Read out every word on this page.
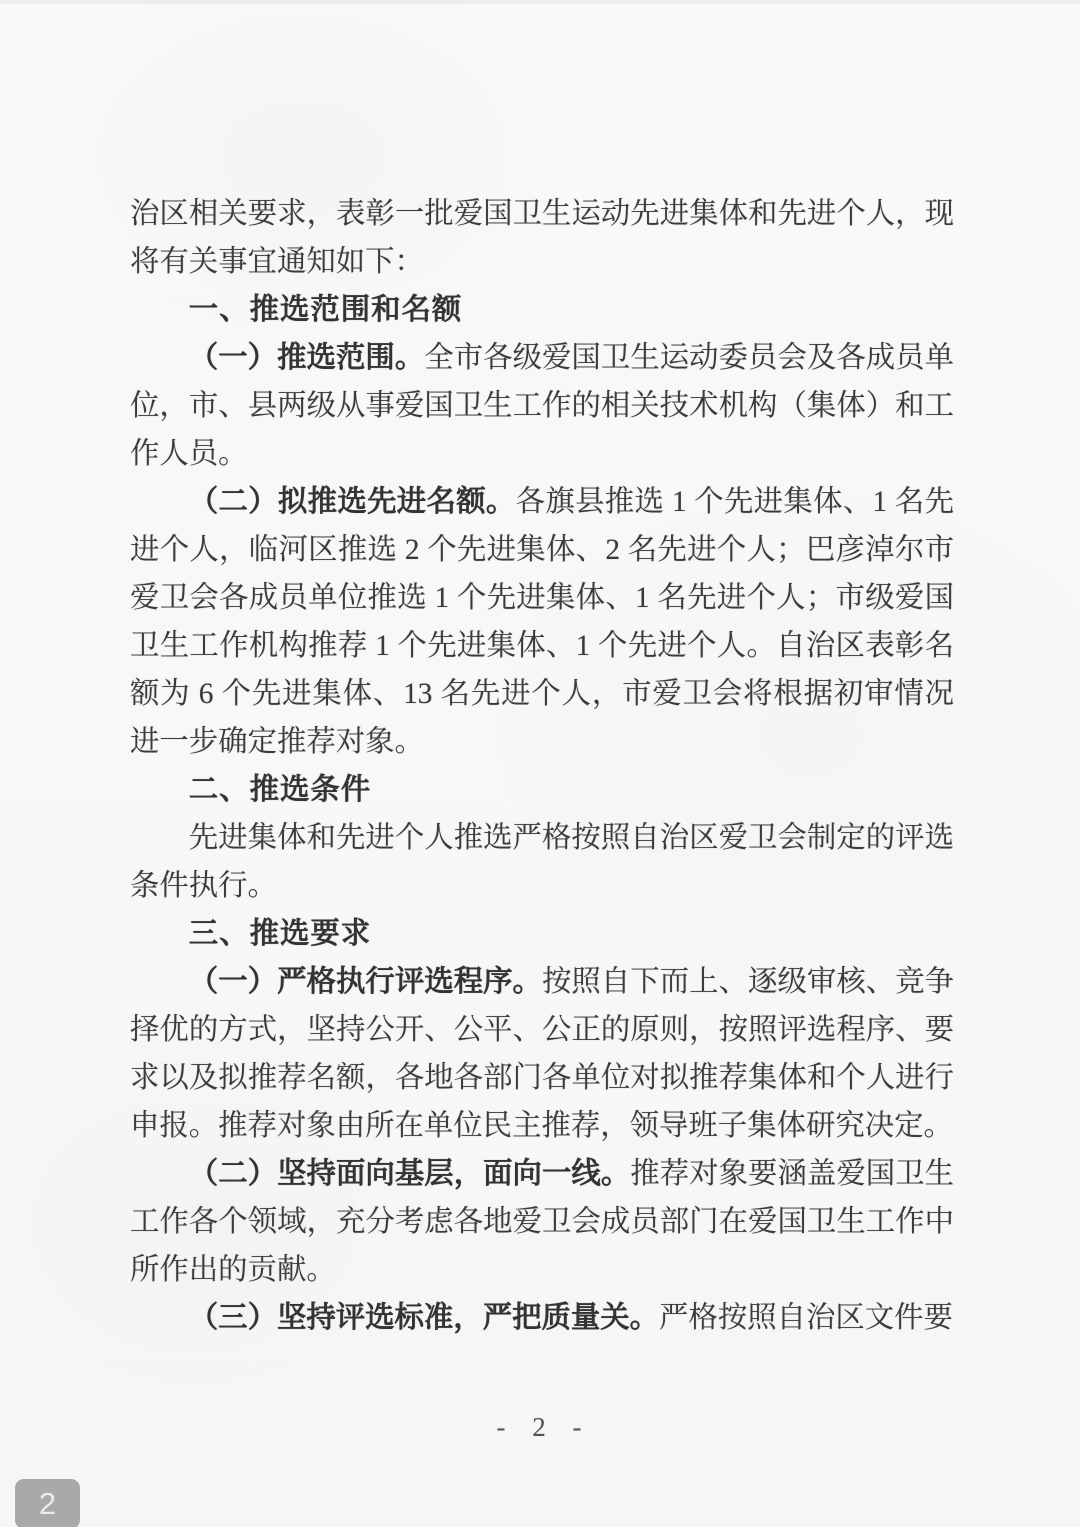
治区相关要求，表彰一批爱国卫生运动先进集体和先进个人，现将有关事宜通知如下：

一、推选范围和名额

（一）推选范围。全市各级爱国卫生运动委员会及各成员单位，市、县两级从事爱国卫生工作的相关技术机构（集体）和工作人员。

（二）拟推选先进名额。各旗县推选 1 个先进集体、1 名先进个人，临河区推选 2 个先进集体、2 名先进个人；巴彦淖尔市爱卫会各成员单位推选 1 个先进集体、1 名先进个人；市级爱国卫生工作机构推荐 1 个先进集体、1 个先进个人。自治区表彰名额为 6 个先进集体、13 名先进个人，市爱卫会将根据初审情况进一步确定推荐对象。

二、推选条件

先进集体和先进个人推选严格按照自治区爱卫会制定的评选条件执行。

三、推选要求

（一）严格执行评选程序。按照自下而上、逐级审核、竞争择优的方式，坚持公开、公平、公正的原则，按照评选程序、要求以及拟推荐名额，各地各部门各单位对拟推荐集体和个人进行申报。推荐对象由所在单位民主推荐，领导班子集体研究决定。

（二）坚持面向基层，面向一线。推荐对象要涵盖爱国卫生工作各个领域，充分考虑各地爱卫会成员部门在爱国卫生工作中所作出的贡献。

（三）坚持评选标准，严把质量关。严格按照自治区文件要

- 2 -
2
